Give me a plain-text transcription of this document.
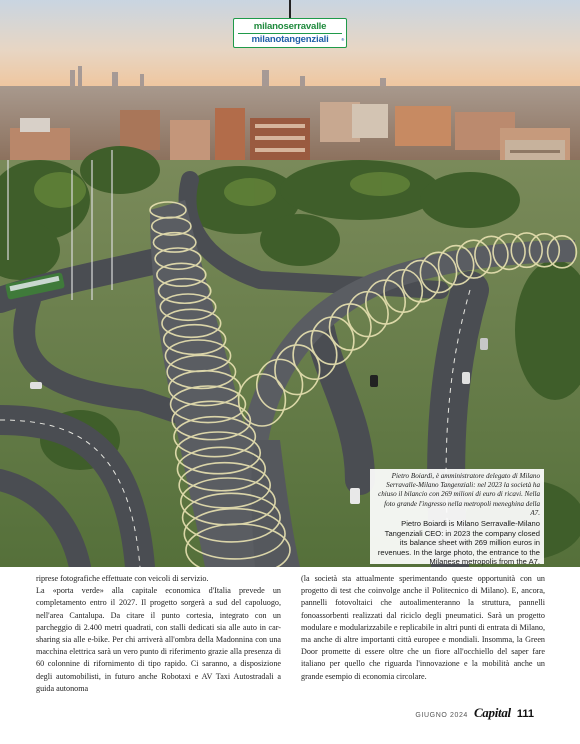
milanoserravalle
milanotangenziali	®
Pietro Boiardi, è amministratore delegato di Milano Serravalle-Milano Tangenziali: nel 2023 la società ha chiuso il bilancio con 269 milioni di euro di ricavi. Nella foto grande l'ingresso nella metropoli meneghina della A7.
Pietro Boiardi is Milano Serravalle-Milano Tangenziali CEO: in 2023 the company closed its balance sheet with 269 million euros in revenues. In the large photo, the entrance to the Milanese metropolis from the A7.

riprese fotografiche effettuate con veicoli di servizio.

La «porta verde» alla capitale economica d'Italia prevede un completamento entro il 2027. Il progetto sorgerà a sud del capoluogo, nell'area Cantalupa. Da citare il punto cortesia, integrato con un parcheggio di 2.400 metri quadrati, con stalli dedicati sia alle auto in car-sharing sia alle e-bike. Per chi arriverà all'ombra della Madonnina con una macchina elettrica sarà un vero punto di riferimento grazie alla presenza di 60 colonnine di rifornimento di tipo rapido. Ci saranno, a disposizione degli automobilisti, in futuro anche Robotaxi e AV Taxi Autostradali a guida autonoma

(la società sta attualmente sperimentando queste opportunità con un progetto di test che coinvolge anche il Politecnico di Milano). E, ancora, pannelli fotovoltaici che autoalimenteranno la struttura, pannelli fonoassorbenti realizzati dal riciclo degli pneumatici. Sarà un progetto modulare e modularizzabile e replicabile in altri punti di entrata di Milano, ma anche di altre importanti città europee e mondiali. Insomma, la Green Door promette di essere oltre che un fiore all'occhiello del saper fare italiano per quello che riguarda l'innovazione e la mobilità anche un grande esempio di economia circolare.

GIUGNO 2024 Capital 111
